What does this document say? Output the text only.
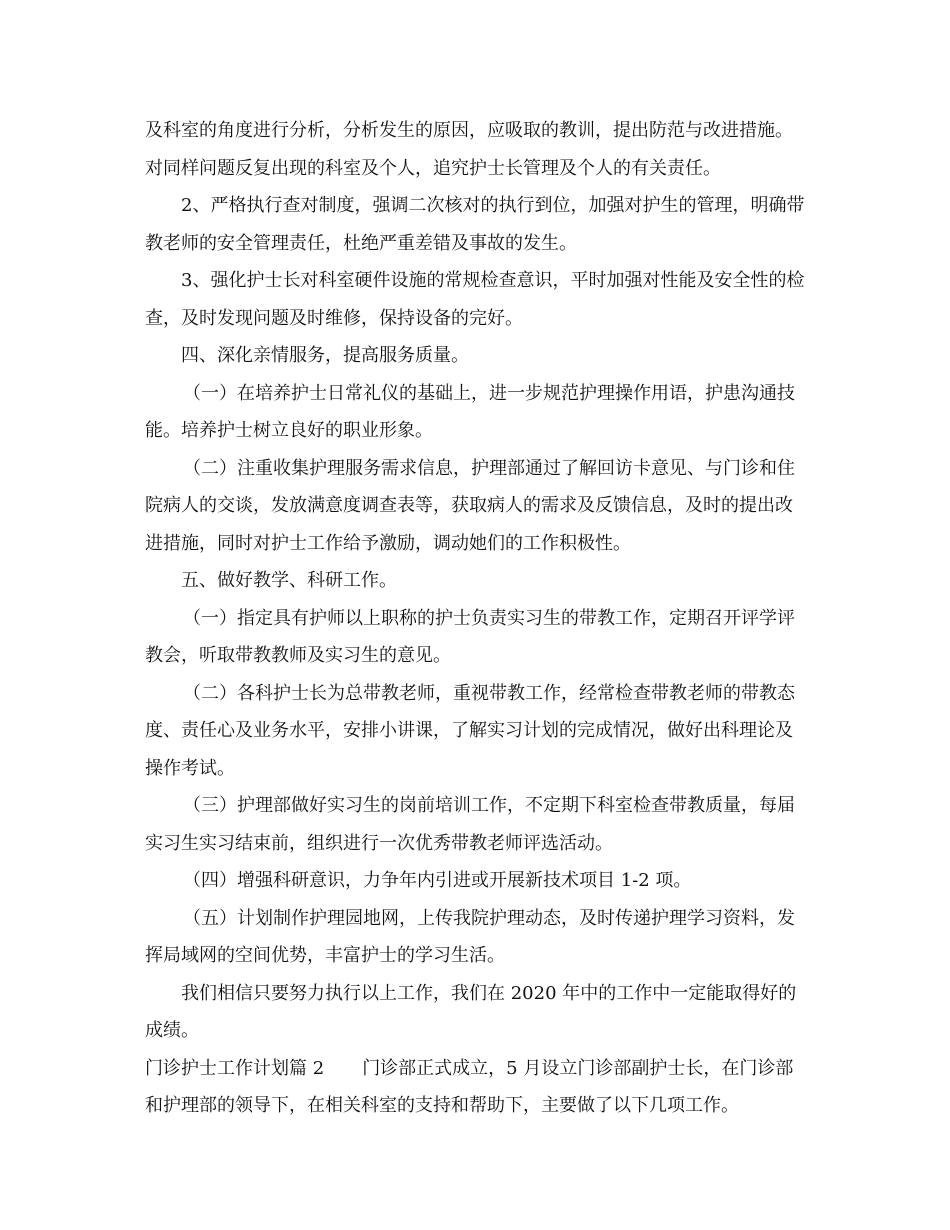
及科室的角度进行分析，分析发生的原因，应吸取的教训，提出防范与改进措施。对同样问题反复出现的科室及个人，追究护士长管理及个人的有关责任。

2、严格执行查对制度，强调二次核对的执行到位，加强对护生的管理，明确带教老师的安全管理责任，杜绝严重差错及事故的发生。

3、强化护士长对科室硬件设施的常规检查意识，平时加强对性能及安全性的检查，及时发现问题及时维修，保持设备的完好。

四、深化亲情服务，提高服务质量。

（一）在培养护士日常礼仪的基础上，进一步规范护理操作用语，护患沟通技能。培养护士树立良好的职业形象。

（二）注重收集护理服务需求信息，护理部通过了解回访卡意见、与门诊和住院病人的交谈，发放满意度调查表等，获取病人的需求及反馈信息，及时的提出改进措施，同时对护士工作给予激励，调动她们的工作积极性。

五、做好教学、科研工作。

（一）指定具有护师以上职称的护士负责实习生的带教工作，定期召开评学评教会，听取带教教师及实习生的意见。

（二）各科护士长为总带教老师，重视带教工作，经常检查带教老师的带教态度、责任心及业务水平，安排小讲课，了解实习计划的完成情况，做好出科理论及操作考试。

（三）护理部做好实习生的岗前培训工作，不定期下科室检查带教质量，每届实习生实习结束前，组织进行一次优秀带教老师评选活动。

（四）增强科研意识，力争年内引进或开展新技术项目 1-2 项。

（五）计划制作护理园地网，上传我院护理动态，及时传递护理学习资料，发挥局域网的空间优势，丰富护士的学习生活。

我们相信只要努力执行以上工作，我们在 2020 年中的工作中一定能取得好的成绩。

门诊护士工作计划篇 2 门诊部正式成立，5 月设立门诊部副护士长，在门诊部和护理部的领导下，在相关科室的支持和帮助下，主要做了以下几项工作。
